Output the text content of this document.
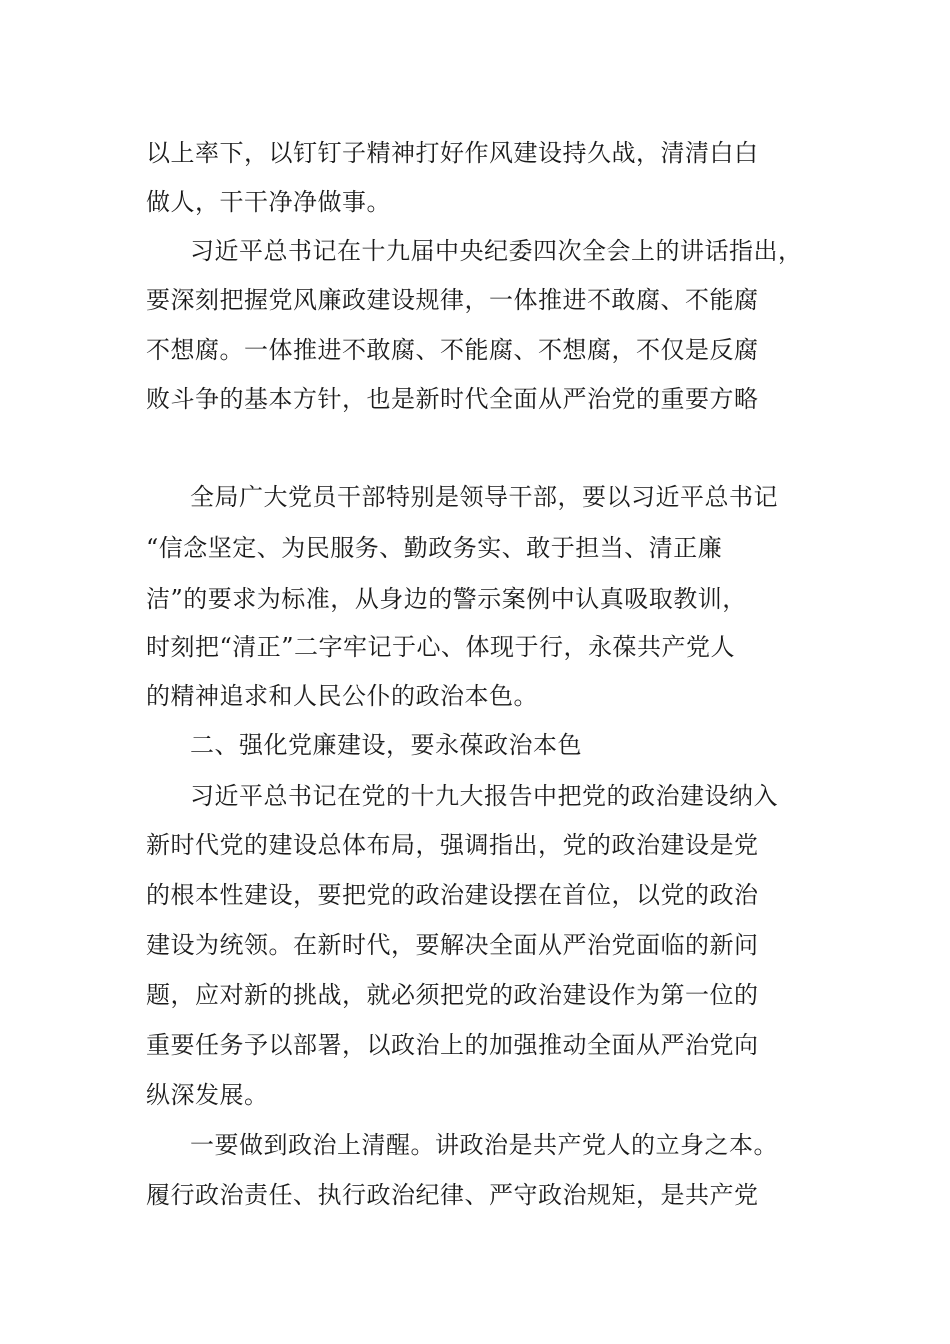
以上率下，以钉钉子精神打好作风建设持久战，清清白白
做人，干干净净做事。
习近平总书记在十九届中央纪委四次全会上的讲话指出，
要深刻把握党风廉政建设规律，一体推进不敢腐、不能腐
不想腐。一体推进不敢腐、不能腐、不想腐，不仅是反腐
败斗争的基本方针，也是新时代全面从严治党的重要方略
全局广大党员干部特别是领导干部，要以习近平总书记
“信念坚定、为民服务、勤政务实、敢于担当、清正廉
洁”的要求为标准，从身边的警示案例中认真吸取教训，
时刻把“清正”二字牢记于心、体现于行，永葆共产党人
的精神追求和人民公仆的政治本色。
二、强化党廉建设，要永葆政治本色
习近平总书记在党的十九大报告中把党的政治建设纳入
新时代党的建设总体布局，强调指出，党的政治建设是党
的根本性建设，要把党的政治建设摆在首位，以党的政治
建设为统领。在新时代，要解决全面从严治党面临的新问
题，应对新的挑战，就必须把党的政治建设作为第一位的
重要任务予以部署，以政治上的加强推动全面从严治党向
纵深发展。
一要做到政治上清醒。讲政治是共产党人的立身之本。
履行政治责任、执行政治纪律、严守政治规矩，是共产党
